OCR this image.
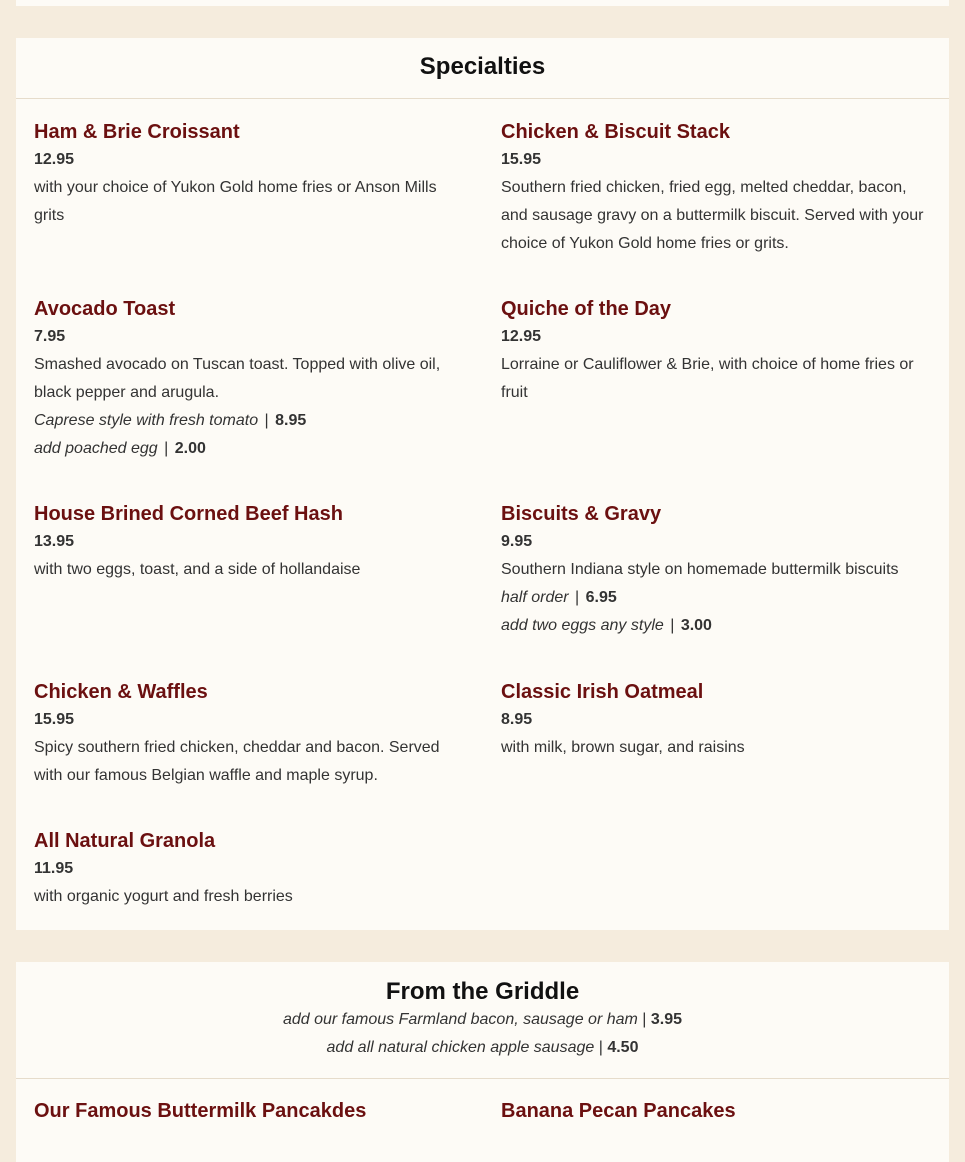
Specialties
Ham & Brie Croissant
12.95
with your choice of Yukon Gold home fries or Anson Mills grits
Chicken & Biscuit Stack
15.95
Southern fried chicken, fried egg, melted cheddar, bacon, and sausage gravy on a buttermilk biscuit. Served with your choice of Yukon Gold home fries or grits.
Avocado Toast
7.95
Smashed avocado on Tuscan toast. Topped with olive oil, black pepper and arugula.
Caprese style with fresh tomato | 8.95
add poached egg | 2.00
Quiche of the Day
12.95
Lorraine or Cauliflower & Brie, with choice of home fries or fruit
House Brined Corned Beef Hash
13.95
with two eggs, toast, and a side of hollandaise
Biscuits & Gravy
9.95
Southern Indiana style on homemade buttermilk biscuits
half order | 6.95
add two eggs any style | 3.00
Chicken & Waffles
15.95
Spicy southern fried chicken, cheddar and bacon. Served with our famous Belgian waffle and maple syrup.
Classic Irish Oatmeal
8.95
with milk, brown sugar, and raisins
All Natural Granola
11.95
with organic yogurt and fresh berries
From the Griddle
add our famous Farmland bacon, sausage or ham | 3.95
add all natural chicken apple sausage | 4.50
Our Famous Buttermilk Pancakdes	Banana Pecan Pancakes
